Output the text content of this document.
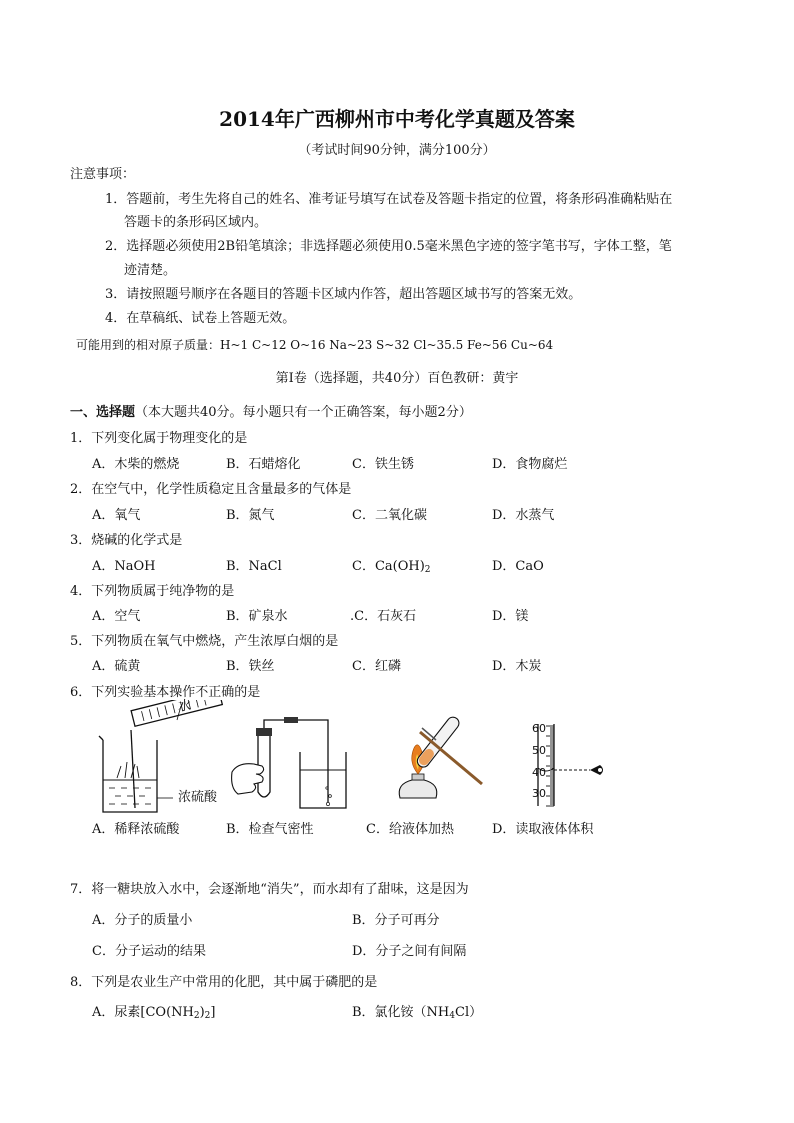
2014年广西柳州市中考化学真题及答案
（考试时间90分钟，满分100分）
注意事项：
1．答题前，考生先将自己的姓名、准考证号填写在试卷及答题卡指定的位置，将条形码准确粘贴在
答题卡的条形码区域内。
2．选择题必须使用2B铅笔填涂；非选择题必须使用0.5毫米黑色字迹的签字笔书写，字体工整，笔
迹清楚。
3．请按照题号顺序在各题目的答题卡区域内作答，超出答题区域书写的答案无效。
4．在草稿纸、试卷上答题无效。
可能用到的相对原子质量：H~1 C~12 O~16 Na~23 S~32 Cl~35.5 Fe~56 Cu~64
第Ⅰ卷（选择题，共40分）百色教研：黄宇
一、选择题（本大题共40分。每小题只有一个正确答案，每小题2分）
1．下列变化属于物理变化的是
A．木柴的燃烧	B．石蜡熔化	C．铁生锈	D．食物腐烂
2．在空气中，化学性质稳定且含量最多的气体是
A．氧气	B．氮气	C．二氧化碳	D．水蒸气
3．烧碱的化学式是
A．NaOH	B．NaCl	C．$Ca(OH)_2$	D．CaO
4．下列物质属于纯净物的是
A．空气	B．矿泉水	.C．石灰石	D．镁
5．下列物质在氧气中燃烧，产生浓厚白烟的是
A．硫黄	B．铁丝	C．红磷	D．木炭
6．下列实验基本操作不正确的是
水
浓硫酸
60
50
40
30
A．稀释浓硫酸	B．检查气密性	C．给液体加热	D．读取液体体积
7．将一糖块放入水中，会逐渐地“消失”，而水却有了甜味，这是因为
A．分子的质量小	B．分子可再分
C．分子运动的结果	D．分子之间有间隔
8．下列是农业生产中常用的化肥，其中属于磷肥的是
A．尿素$[CO(NH_2)_2]$	B．氯化铵$(NH_4Cl)$
